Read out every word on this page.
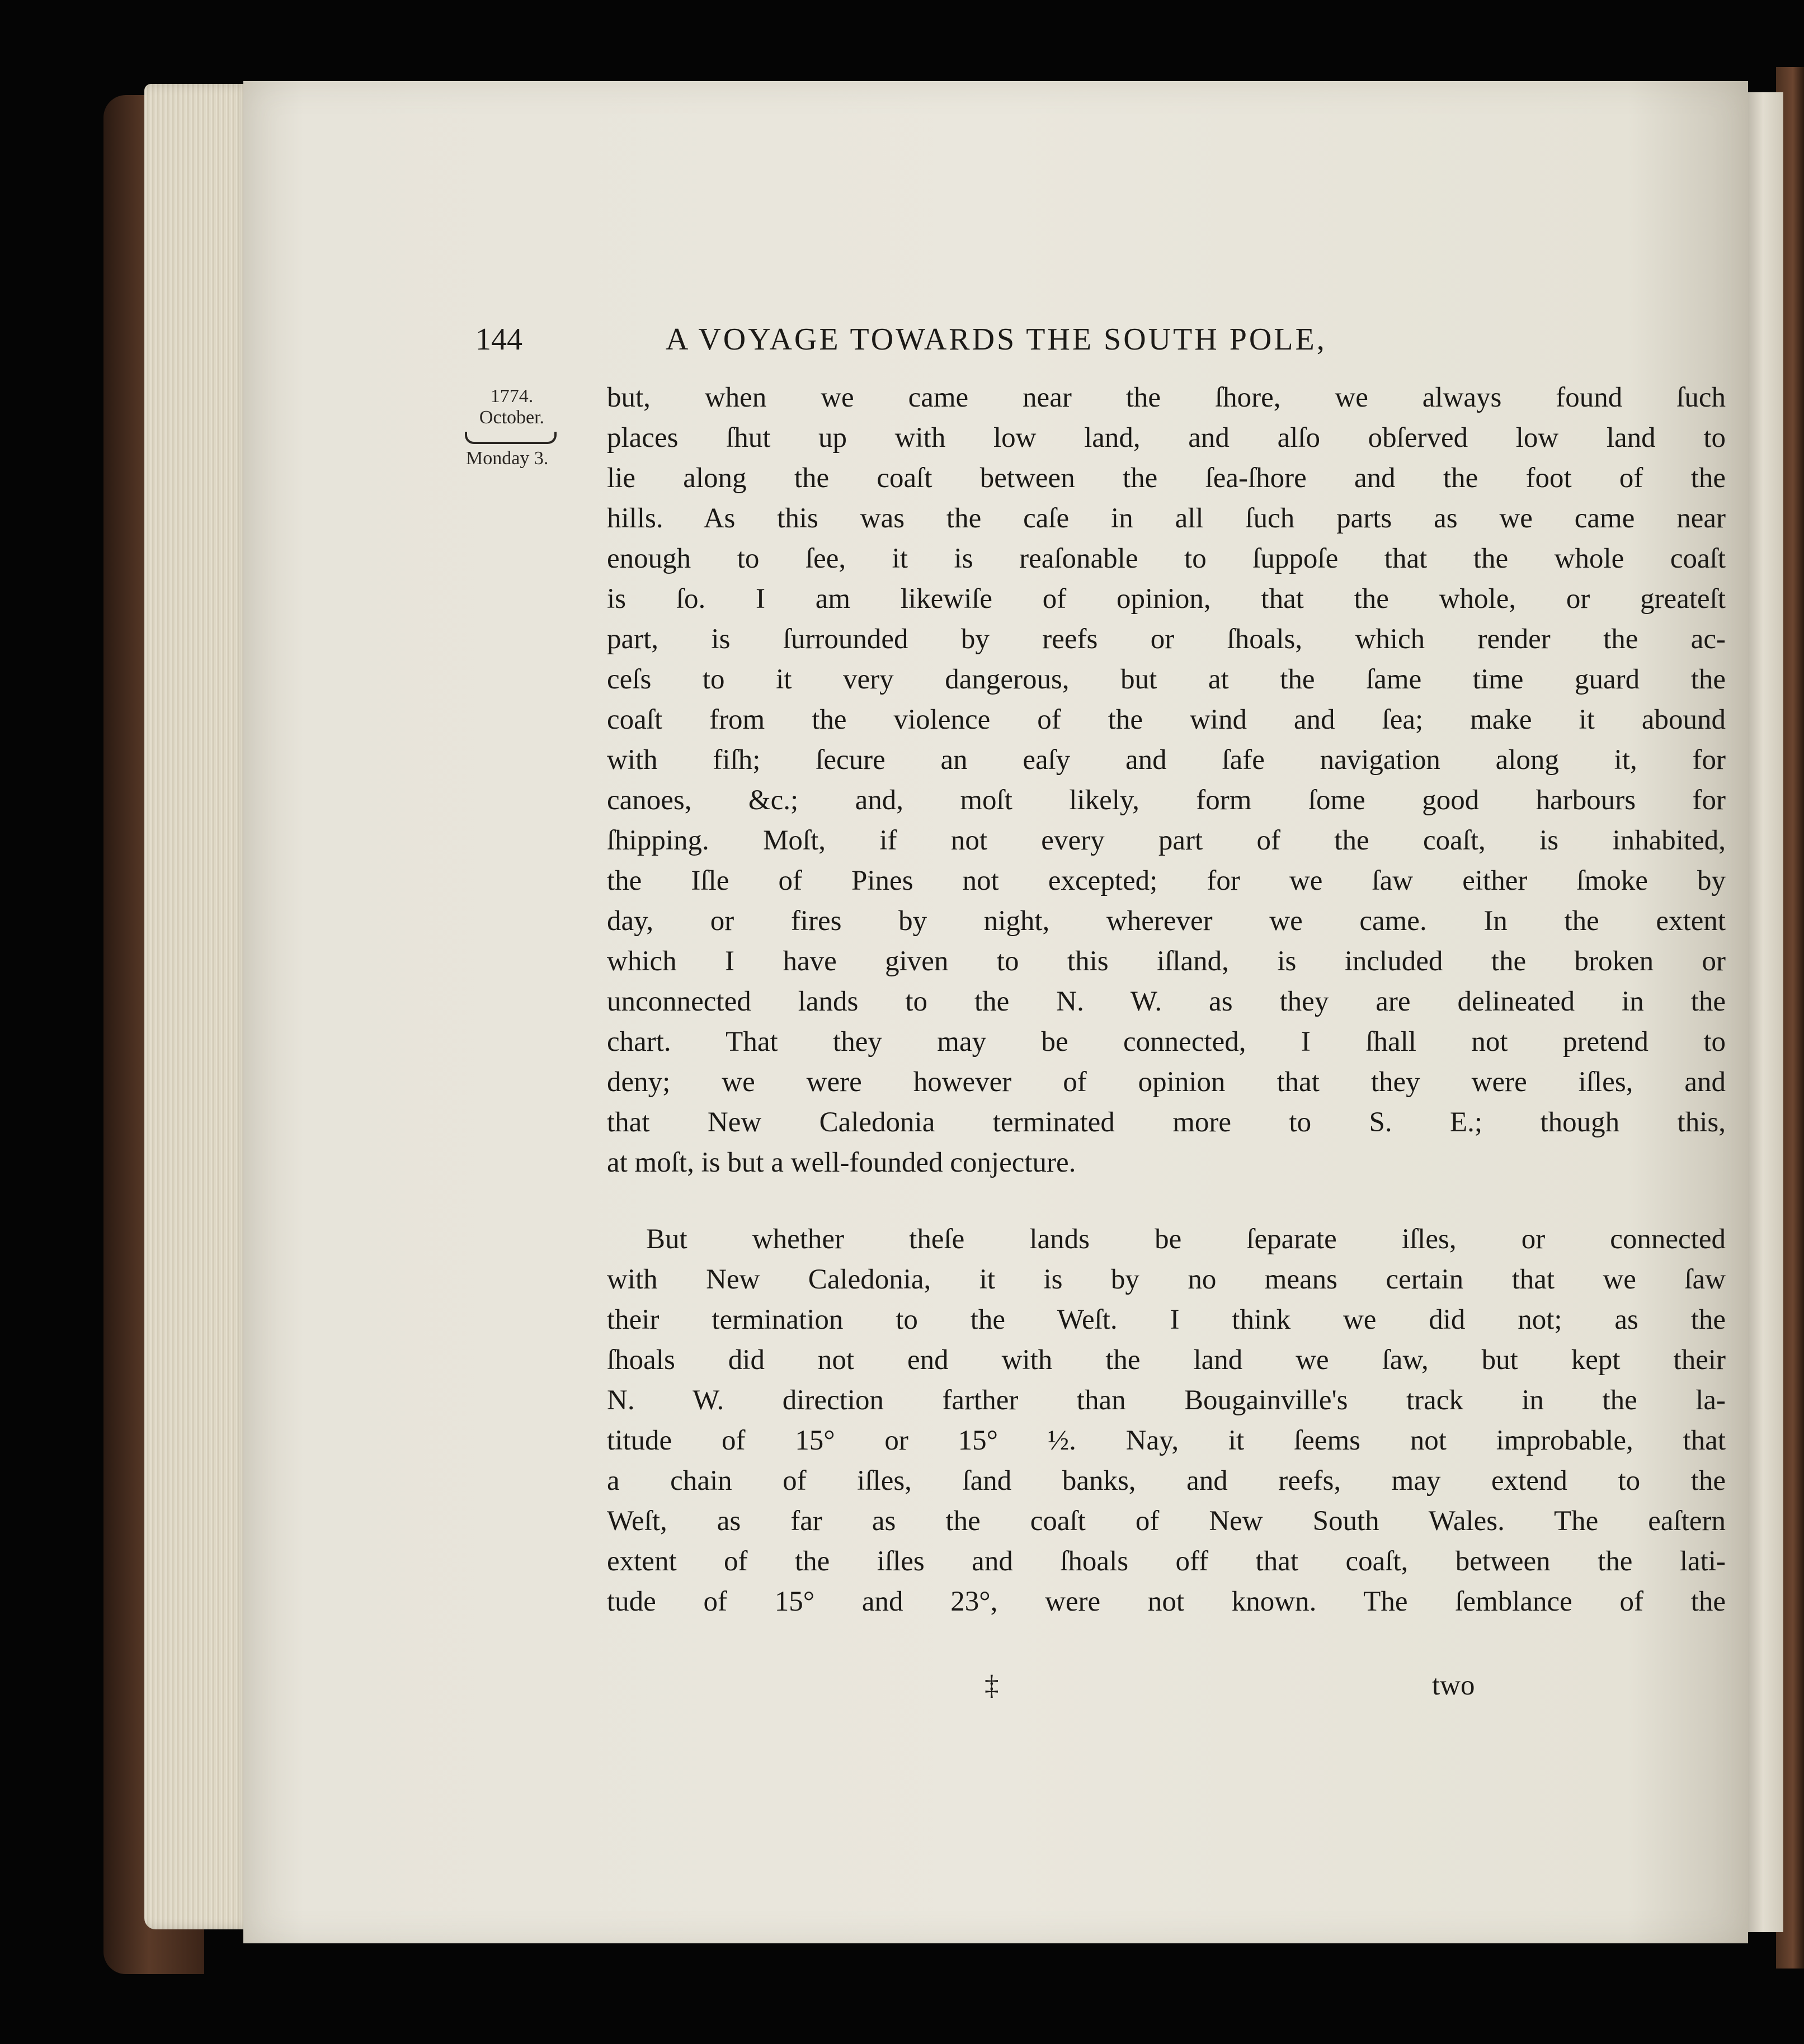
144	A VOYAGE TOWARDS THE SOUTH POLE,
1774.
October.
Monday 3.
but, when we came near the ſhore, we always found ſuch
places ſhut up with low land, and alſo obſerved low land to
lie along the coaſt between the ſea-ſhore and the foot of the
hills. As this was the caſe in all ſuch parts as we came near
enough to ſee, it is reaſonable to ſuppoſe that the whole coaſt
is ſo. I am likewiſe of opinion, that the whole, or greateſt
part, is ſurrounded by reefs or ſhoals, which render the ac-
ceſs to it very dangerous, but at the ſame time guard the
coaſt from the violence of the wind and ſea; make it abound
with fiſh; ſecure an eaſy and ſafe navigation along it, for
canoes, &c.; and, moſt likely, form ſome good harbours for
ſhipping. Moſt, if not every part of the coaſt, is inhabited,
the Iſle of Pines not excepted; for we ſaw either ſmoke by
day, or fires by night, wherever we came. In the extent
which I have given to this iſland, is included the broken or
unconnected lands to the N. W. as they are delineated in the
chart. That they may be connected, I ſhall not pretend to
deny; we were however of opinion that they were iſles, and
that New Caledonia terminated more to S. E.; though this,
at moſt, is but a well-founded conjecture.
But whether theſe lands be ſeparate iſles, or connected
with New Caledonia, it is by no means certain that we ſaw
their termination to the Weſt. I think we did not; as the
ſhoals did not end with the land we ſaw, but kept their
N. W. direction farther than Bougainville's track in the la-
titude of 15° or 15° ½. Nay, it ſeems not improbable, that
a chain of iſles, ſand banks, and reefs, may extend to the
Weſt, as far as the coaſt of New South Wales. The eaſtern
extent of the iſles and ſhoals off that coaſt, between the lati-
tude of 15° and 23°, were not known. The ſemblance of the
‡	two
